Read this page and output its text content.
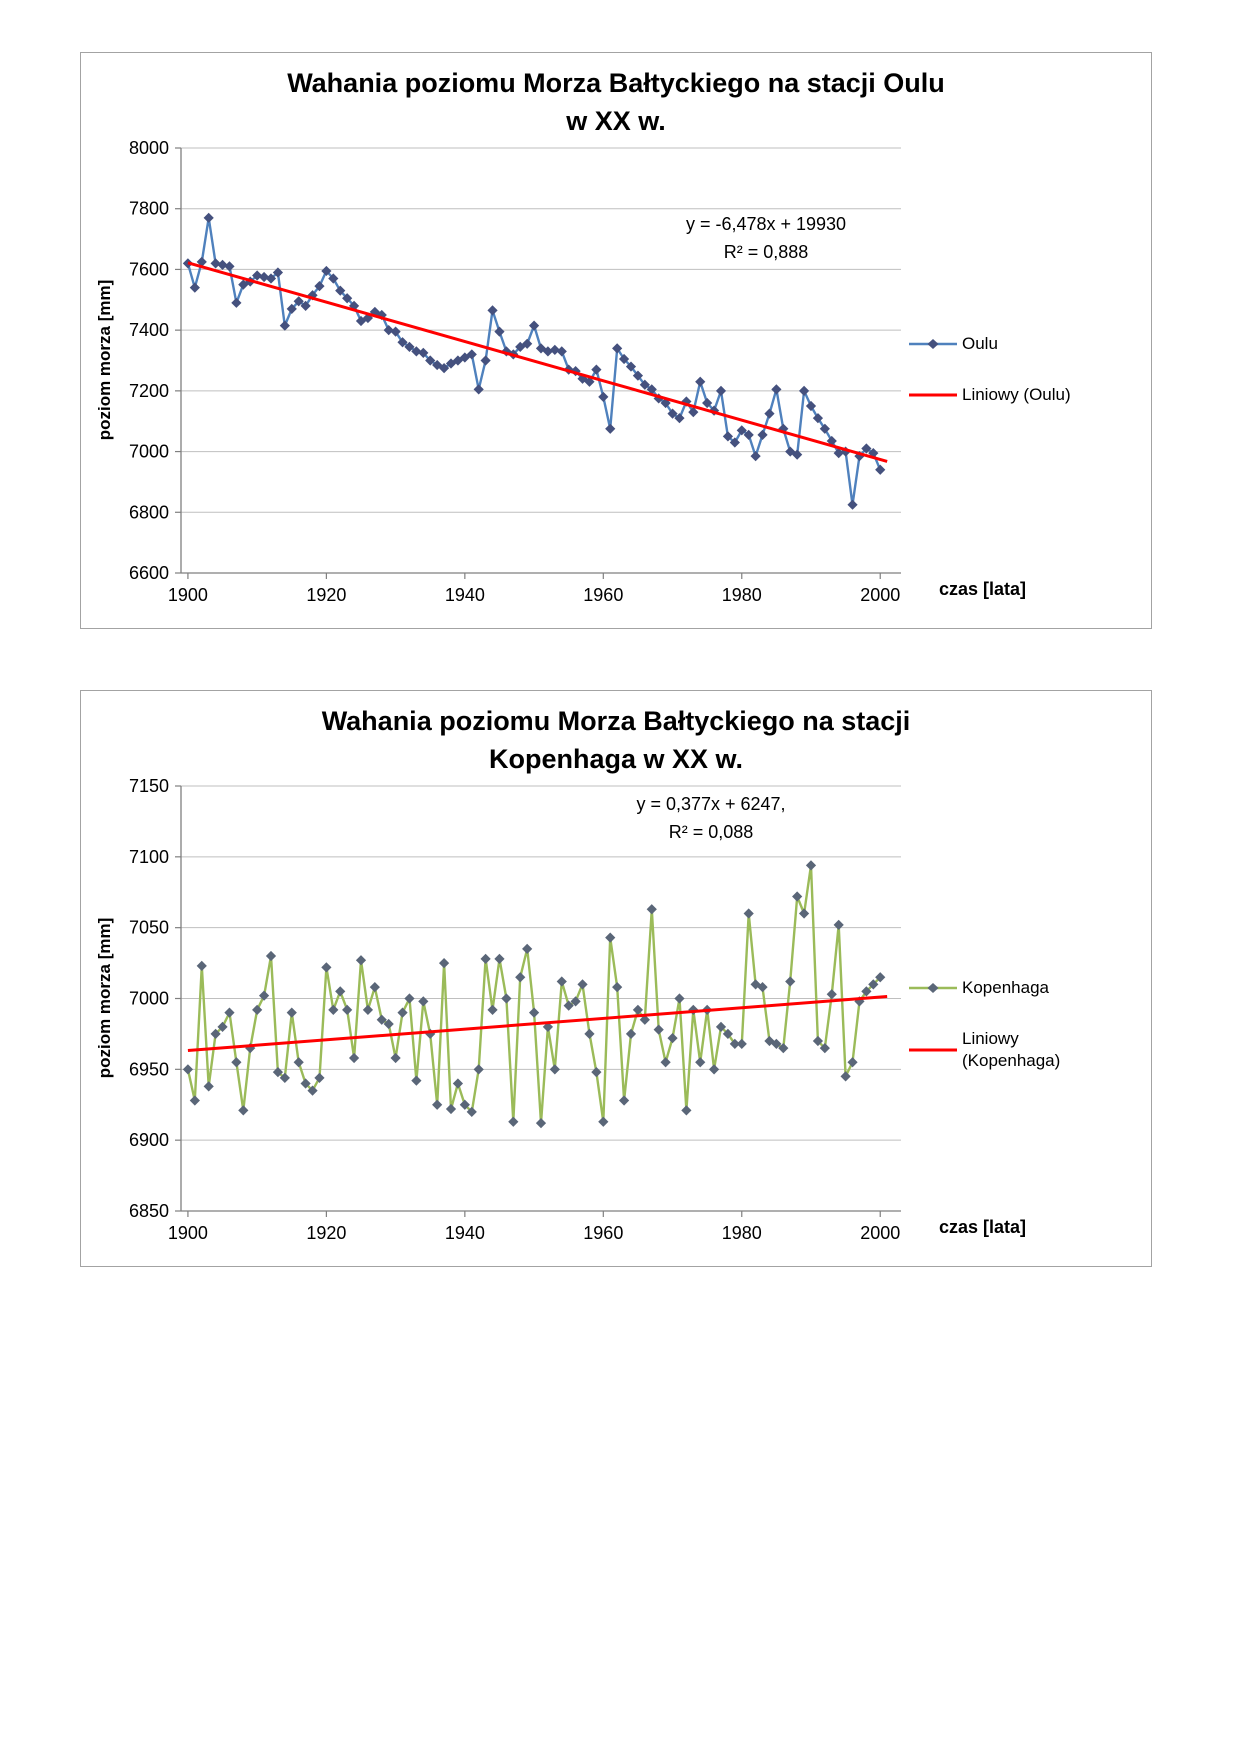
Wahania poziomu Morza Bałtyckiego na stacji Oulu
w XX w.
6600
6800
7000
7200
7400
7600
7800
8000
1900	1920	1940	1960	1980	2000
poziom morza [mm]
czas [lata]
y = -6,478x + 19930
R² = 0,888
Oulu
Liniowy (Oulu)
Wahania poziomu Morza Bałtyckiego na stacji
Kopenhaga w XX w.
6850
6900
6950
7000
7050
7100
7150
1900	1920	1940	1960	1980	2000
poziom morza [mm]
czas [lata]
y = 0,377x + 6247,
R² = 0,088
Kopenhaga
Liniowy (Kopenhaga)
